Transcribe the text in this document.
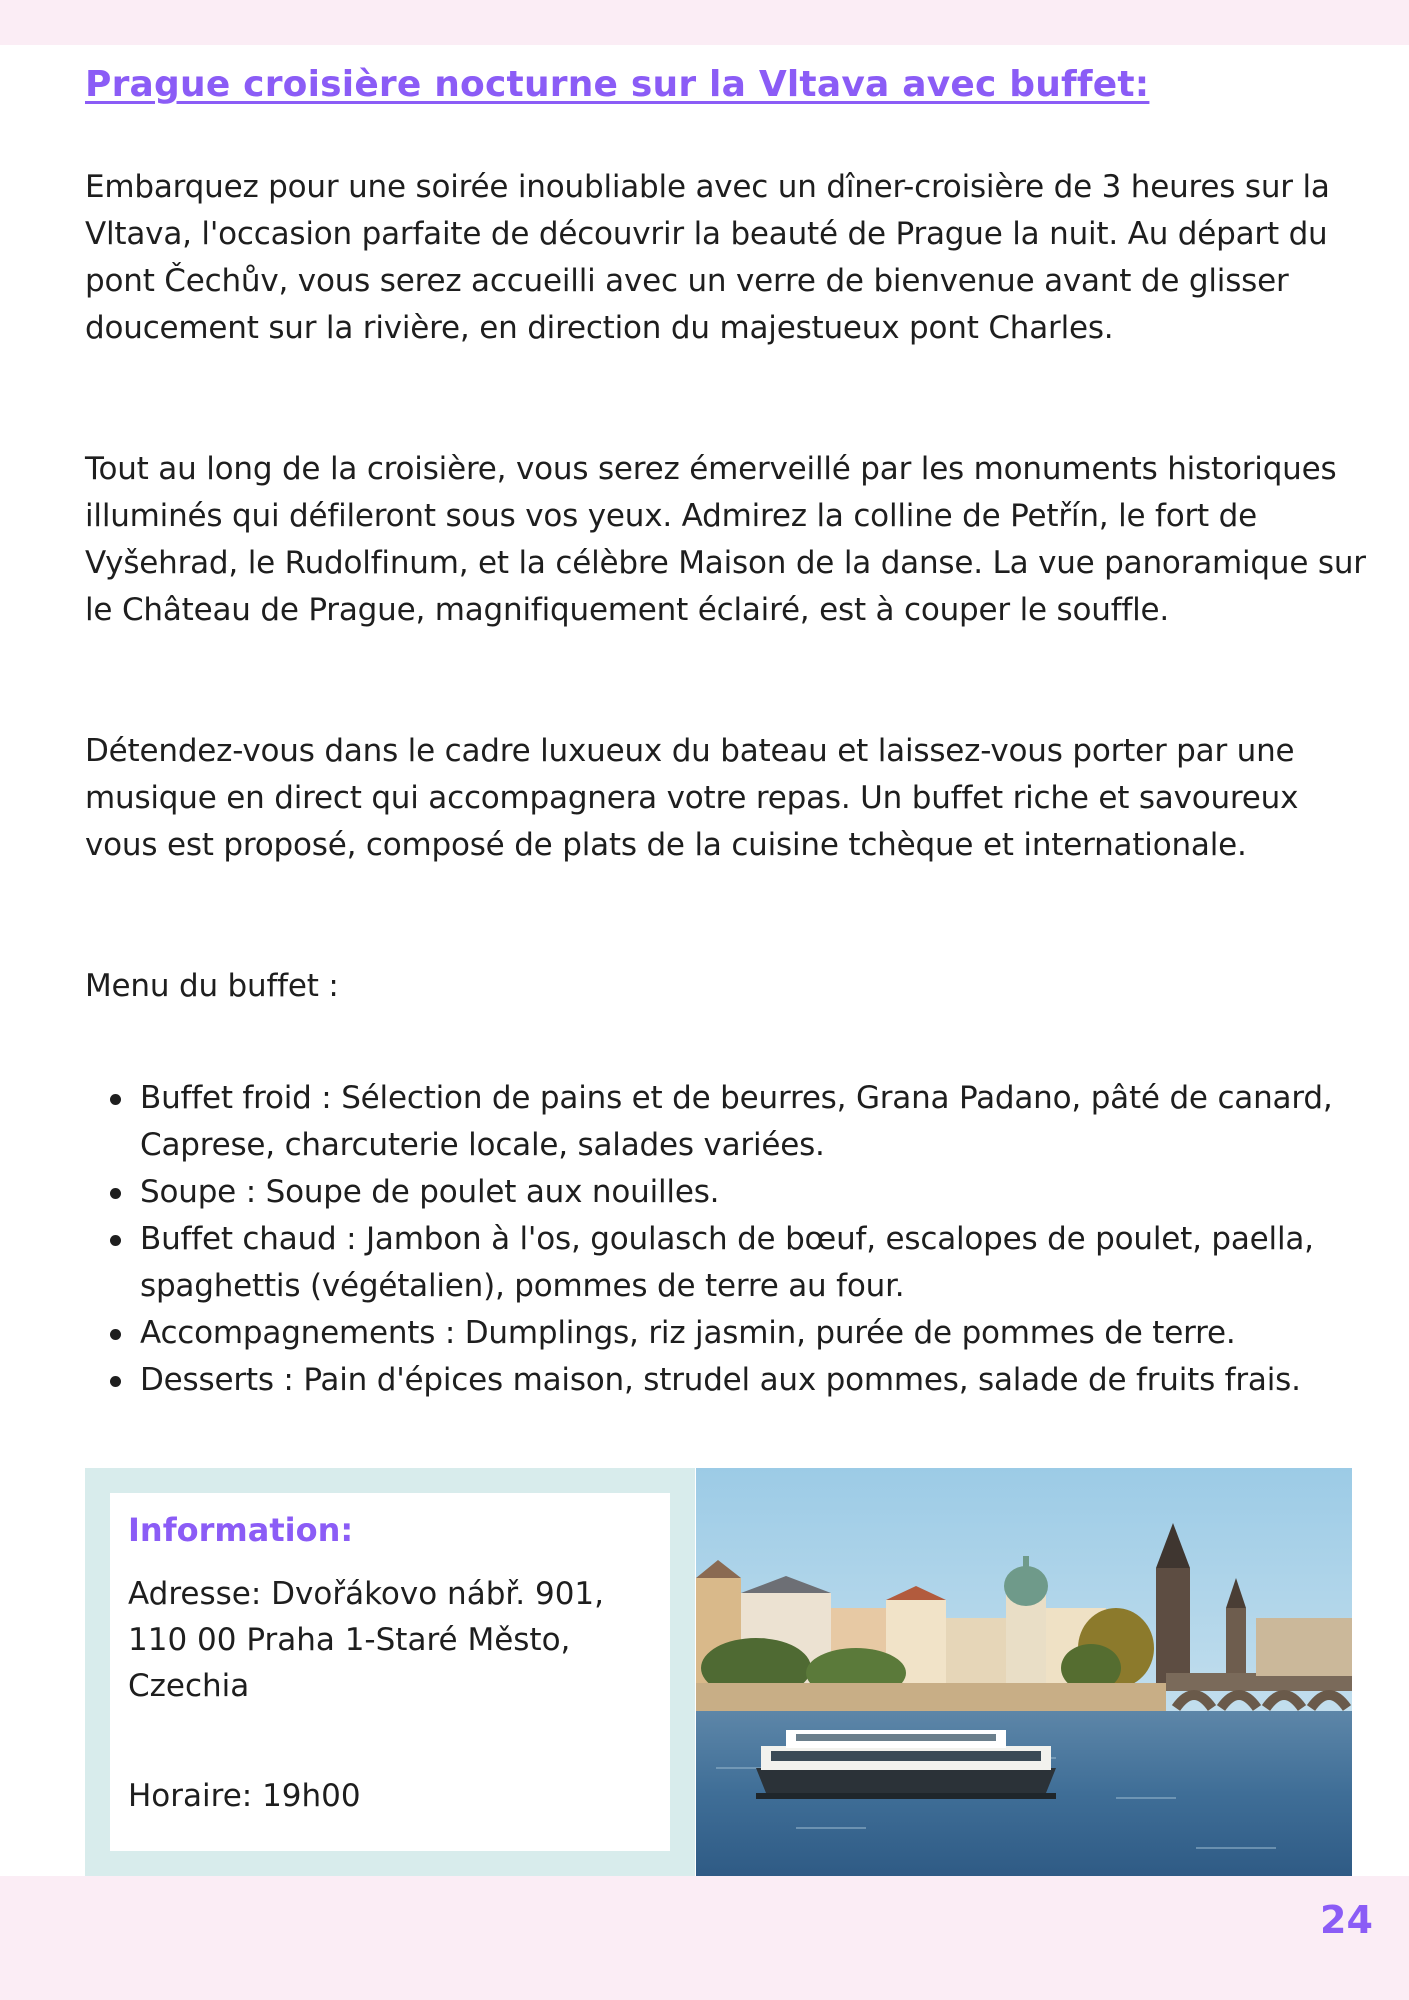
Prague croisière nocturne sur la Vltava avec buffet:

Embarquez pour une soirée inoubliable avec un dîner-croisière de 3 heures sur la Vltava, l'occasion parfaite de découvrir la beauté de Prague la nuit. Au départ du pont Čechův, vous serez accueilli avec un verre de bienvenue avant de glisser doucement sur la rivière, en direction du majestueux pont Charles.

Tout au long de la croisière, vous serez émerveillé par les monuments historiques illuminés qui défileront sous vos yeux. Admirez la colline de Petřín, le fort de Vyšehrad, le Rudolfinum, et la célèbre Maison de la danse. La vue panoramique sur le Château de Prague, magnifiquement éclairé, est à couper le souffle.

Détendez-vous dans le cadre luxueux du bateau et laissez-vous porter par une musique en direct qui accompagnera votre repas. Un buffet riche et savoureux vous est proposé, composé de plats de la cuisine tchèque et internationale.

Menu du buffet :

Buffet froid : Sélection de pains et de beurres, Grana Padano, pâté de canard, Caprese, charcuterie locale, salades variées.
Soupe : Soupe de poulet aux nouilles.
Buffet chaud : Jambon à l'os, goulasch de bœuf, escalopes de poulet, paella, spaghettis (végétalien), pommes de terre au four.
Accompagnements : Dumplings, riz jasmin, purée de pommes de terre.
Desserts : Pain d'épices maison, strudel aux pommes, salade de fruits frais.
Information:

Adresse: Dvořákovo nábř. 901,

110 00 Praha 1-Staré Město,

Czechia

Horaire: 19h00

24
